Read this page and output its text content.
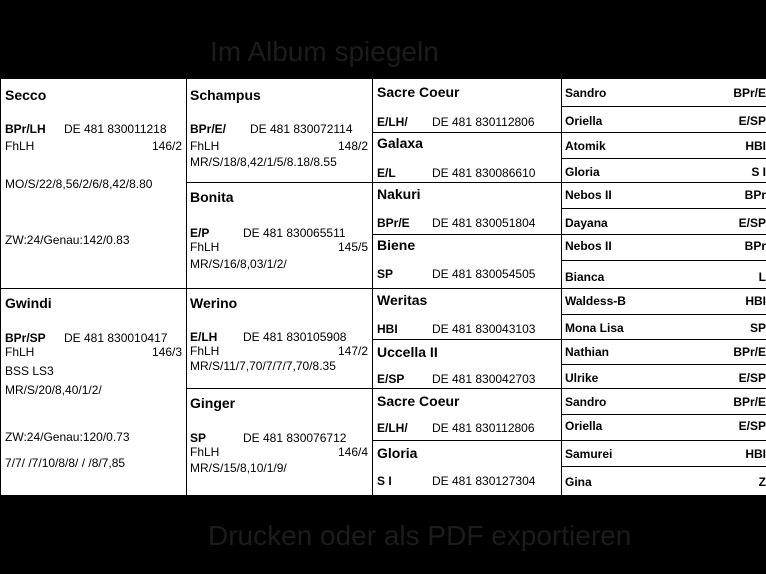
Im Album spiegeln
Secco
BPr/LH DE 481 830011218
FhLH	146/2
MO/S/22/8,56/2/6/8,42/8.80
ZW:24/Genau:142/0.83
Gwindi
BPr/SP DE 481 830010417
FhLH	146/3
BSS LS3
MR/S/20/8,40/1/2/
ZW:24/Genau:120/0.73
7/7/ /7/10/8/8/ / /8/7,85
Schampus
BPr/E/ DE 481 830072114
FhLH	148/2
MR/S/18/8,42/1/5/8.18/8.55
Bonita
E/P	DE 481 830065511
FhLH	145/5
MR/S/16/8,03/1/2/
Werino
E/LH DE 481 830105908
FhLH	147/2
MR/S/11/7,70/7/7/7,70/8.35
Ginger
SP	DE 481 830076712
FhLH	146/4
MR/S/15/8,10/1/9/
Sacre Coeur
E/LH/ DE 481 830112806
Galaxa
E/L	DE 481 830086610
Nakuri
BPr/E DE 481 830051804
Biene
SP	DE 481 830054505
Weritas
HBI	DE 481 830043103
Uccella II
E/SP DE 481 830042703
Sacre Coeur
E/LH/ DE 481 830112806
Gloria
S I	DE 481 830127304
Sandro	BPr/E
Oriella	E/SP
Atomik	HBI
Gloria	S I
Nebos II	BPr
Dayana	E/SP
Nebos II	BPr
Bianca	L
Waldess-B	HBI
Mona Lisa	SP
Nathian	BPr/E
Ulrike	E/SP
Sandro	BPr/E
Oriella	E/SP
Samurei	HBI
Gina	Z
Drucken oder als PDF exportieren
